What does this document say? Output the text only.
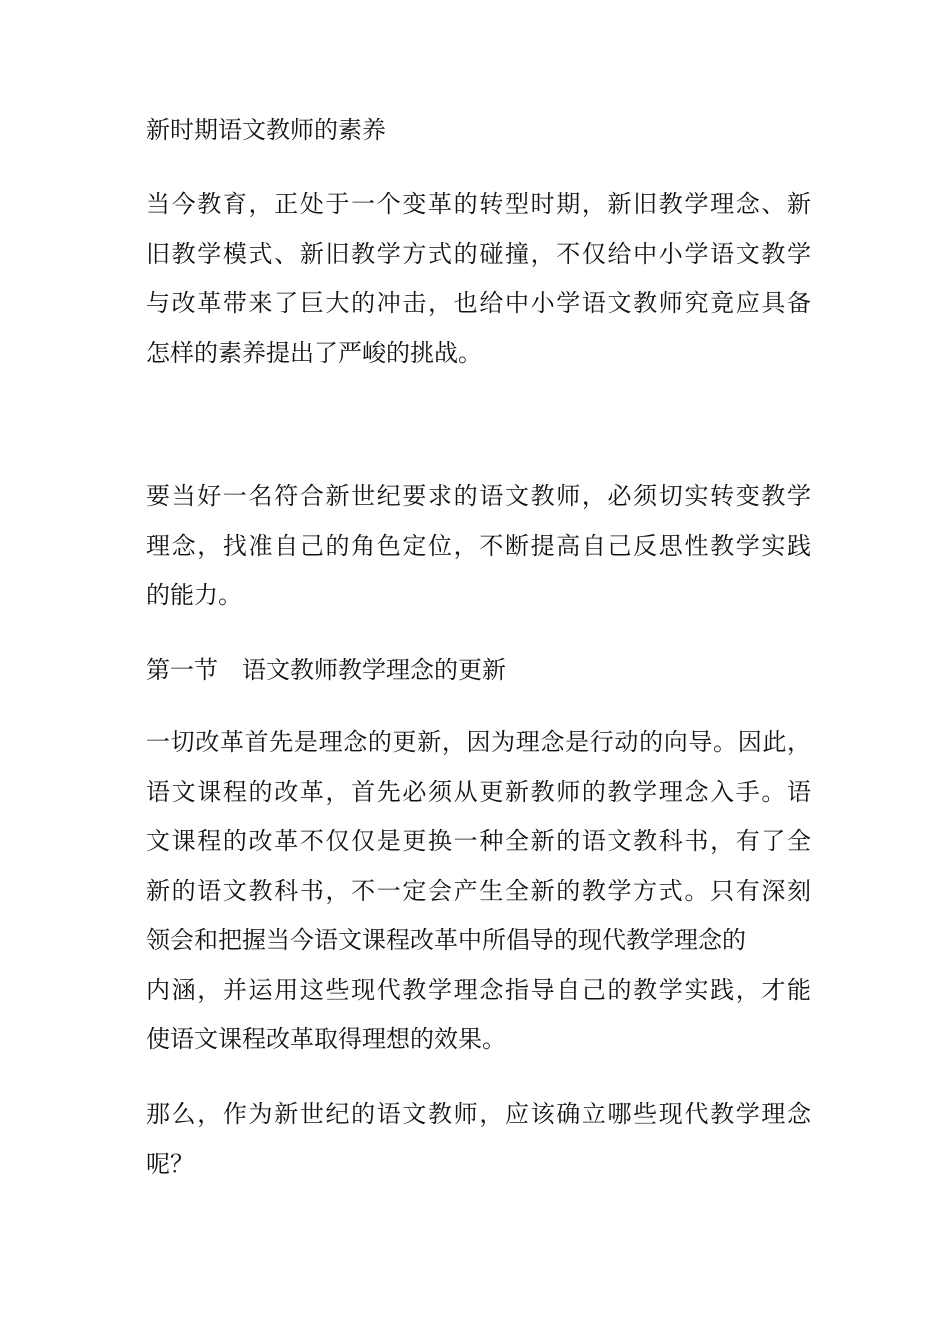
新时期语文教师的素养
当今教育，正处于一个变革的转型时期，新旧教学理念、新
旧教学模式、新旧教学方式的碰撞，不仅给中小学语文教学
与改革带来了巨大的冲击，也给中小学语文教师究竟应具备
怎样的素养提出了严峻的挑战。
要当好一名符合新世纪要求的语文教师，必须切实转变教学
理念，找准自己的角色定位，不断提高自己反思性教学实践
的能力。
第一节　语文教师教学理念的更新
一切改革首先是理念的更新，因为理念是行动的向导。因此，
语文课程的改革，首先必须从更新教师的教学理念入手。语
文课程的改革不仅仅是更换一种全新的语文教科书，有了全
新的语文教科书，不一定会产生全新的教学方式。只有深刻
领会和把握当今语文课程改革中所倡导的现代教学理念的
内涵，并运用这些现代教学理念指导自己的教学实践，才能
使语文课程改革取得理想的效果。
那么，作为新世纪的语文教师，应该确立哪些现代教学理念
呢？
